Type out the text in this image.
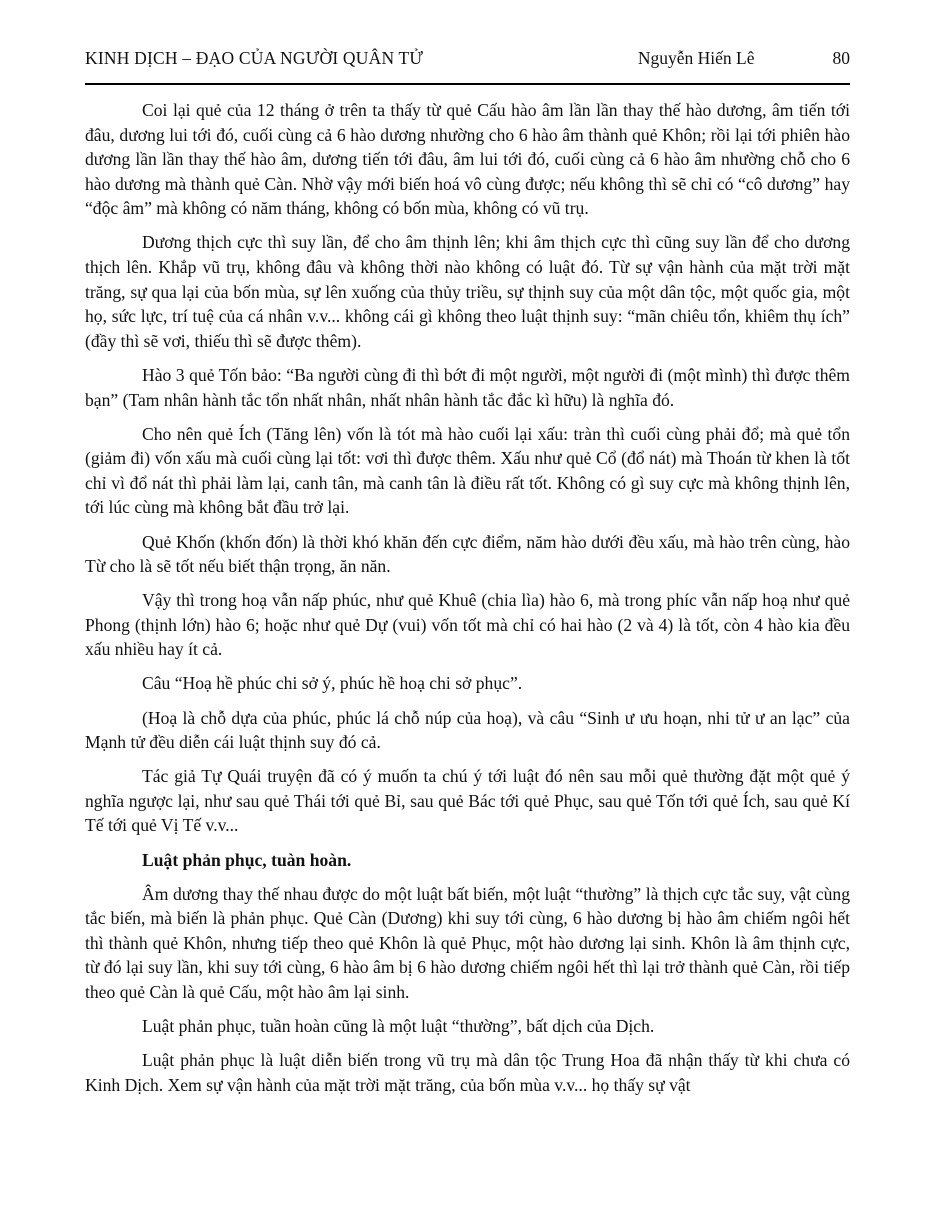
KINH DỊCH – ĐẠO CỦA NGƯỜI QUÂN TỬ	Nguyễn Hiến Lê	80

Coi lại quẻ của 12 tháng ở trên ta thấy từ quẻ Cấu hào âm lần lần thay thế hào dương, âm tiến tới đâu, dương lui tới đó, cuối cùng cả 6 hào dương nhường cho 6 hào âm thành quẻ Khôn; rồi lại tới phiên hào dương lần lần thay thế hào âm, dương tiến tới đâu, âm lui tới đó, cuối cùng cả 6 hào âm nhường chỗ cho 6 hào dương mà thành quẻ Càn. Nhờ vậy mới biến hoá vô cùng được; nếu không thì sẽ chỉ có “cô dương” hay “độc âm” mà không có năm tháng, không có bốn mùa, không có vũ trụ.

Dương thịch cực thì suy lần, để cho âm thịnh lên; khi âm thịch cực thì cũng suy lần để cho dương thịch lên. Khắp vũ trụ, không đâu và không thời nào không có luật đó. Từ sự vận hành của mặt trời mặt trăng, sự qua lại của bốn mùa, sự lên xuống của thủy triều, sự thịnh suy của một dân tộc, một quốc gia, một họ, sức lực, trí tuệ của cá nhân v.v... không cái gì không theo luật thịnh suy: “mãn chiêu tổn, khiêm thụ ích” (đầy thì sẽ vơi, thiếu thì sẽ được thêm).

Hào 3 quẻ Tốn bảo: “Ba người cùng đi thì bớt đi một người, một người đi (một mình) thì được thêm bạn” (Tam nhân hành tắc tổn nhất nhân, nhất nhân hành tắc đắc kì hữu) là nghĩa đó.

Cho nên quẻ Ích (Tăng lên) vốn là tót mà hào cuối lại xấu: tràn thì cuối cùng phải đổ; mà quẻ tổn (giảm đi) vốn xấu mà cuối cùng lại tốt: vơi thì được thêm. Xấu như quẻ Cổ (đổ nát) mà Thoán từ khen là tốt chỉ vì đổ nát thì phải làm lại, canh tân, mà canh tân là điều rất tốt. Không có gì suy cực mà không thịnh lên, tới lúc cùng mà không bắt đầu trở lại.

Quẻ Khốn (khốn đốn) là thời khó khăn đến cực điểm, năm hào dưới đều xấu, mà hào trên cùng, hào Từ cho là sẽ tốt nếu biết thận trọng, ăn năn.

Vậy thì trong hoạ vẫn nấp phúc, như quẻ Khuê (chia lìa) hào 6, mà trong phíc vẫn nấp hoạ như quẻ Phong (thịnh lớn) hào 6; hoặc như quẻ Dự (vui) vốn tốt mà chỉ có hai hào (2 và 4) là tốt, còn 4 hào kia đều xấu nhiều hay ít cả.

Câu “Hoạ hề phúc chi sở ý, phúc hề hoạ chi sở phục”.

(Hoạ là chỗ dựa của phúc, phúc lá chỗ núp của hoạ), và câu “Sinh ư ưu hoạn, nhi tử ư an lạc” của Mạnh tử đều diễn cái luật thịnh suy đó cả.

Tác giả Tự Quái truyện đã có ý muốn ta chú ý tới luật đó nên sau mỗi quẻ thường đặt một quẻ ý nghĩa ngược lại, như sau quẻ Thái tới quẻ Bỉ, sau quẻ Bác tới quẻ Phục, sau quẻ Tốn tới quẻ Ích, sau quẻ Kí Tế tới quẻ Vị Tế v.v...

Luật phản phục, tuàn hoàn.

Âm dương thay thế nhau được do một luật bất biến, một luật “thường” là thịch cực tắc suy, vật cùng tắc biến, mà biến là phản phục. Quẻ Càn (Dương) khi suy tới cùng, 6 hào dương bị hào âm chiếm ngôi hết thì thành quẻ Khôn, nhưng tiếp theo quẻ Khôn là quẻ Phục, một hào dương lại sinh. Khôn là âm thịnh cực, từ đó lại suy lần, khi suy tới cùng, 6 hào âm bị 6 hào dương chiếm ngôi hết thì lại trở thành quẻ Càn, rồi tiếp theo quẻ Càn là quẻ Cấu, một hào âm lại sinh.

Luật phản phục, tuần hoàn cũng là một luật “thường”, bất dịch của Dịch.

Luật phản phục là luật diễn biến trong vũ trụ mà dân tộc Trung Hoa đã nhận thấy từ khi chưa có Kinh Dịch. Xem sự vận hành của mặt trời mặt trăng, của bốn mùa v.v... họ thấy sự vật
